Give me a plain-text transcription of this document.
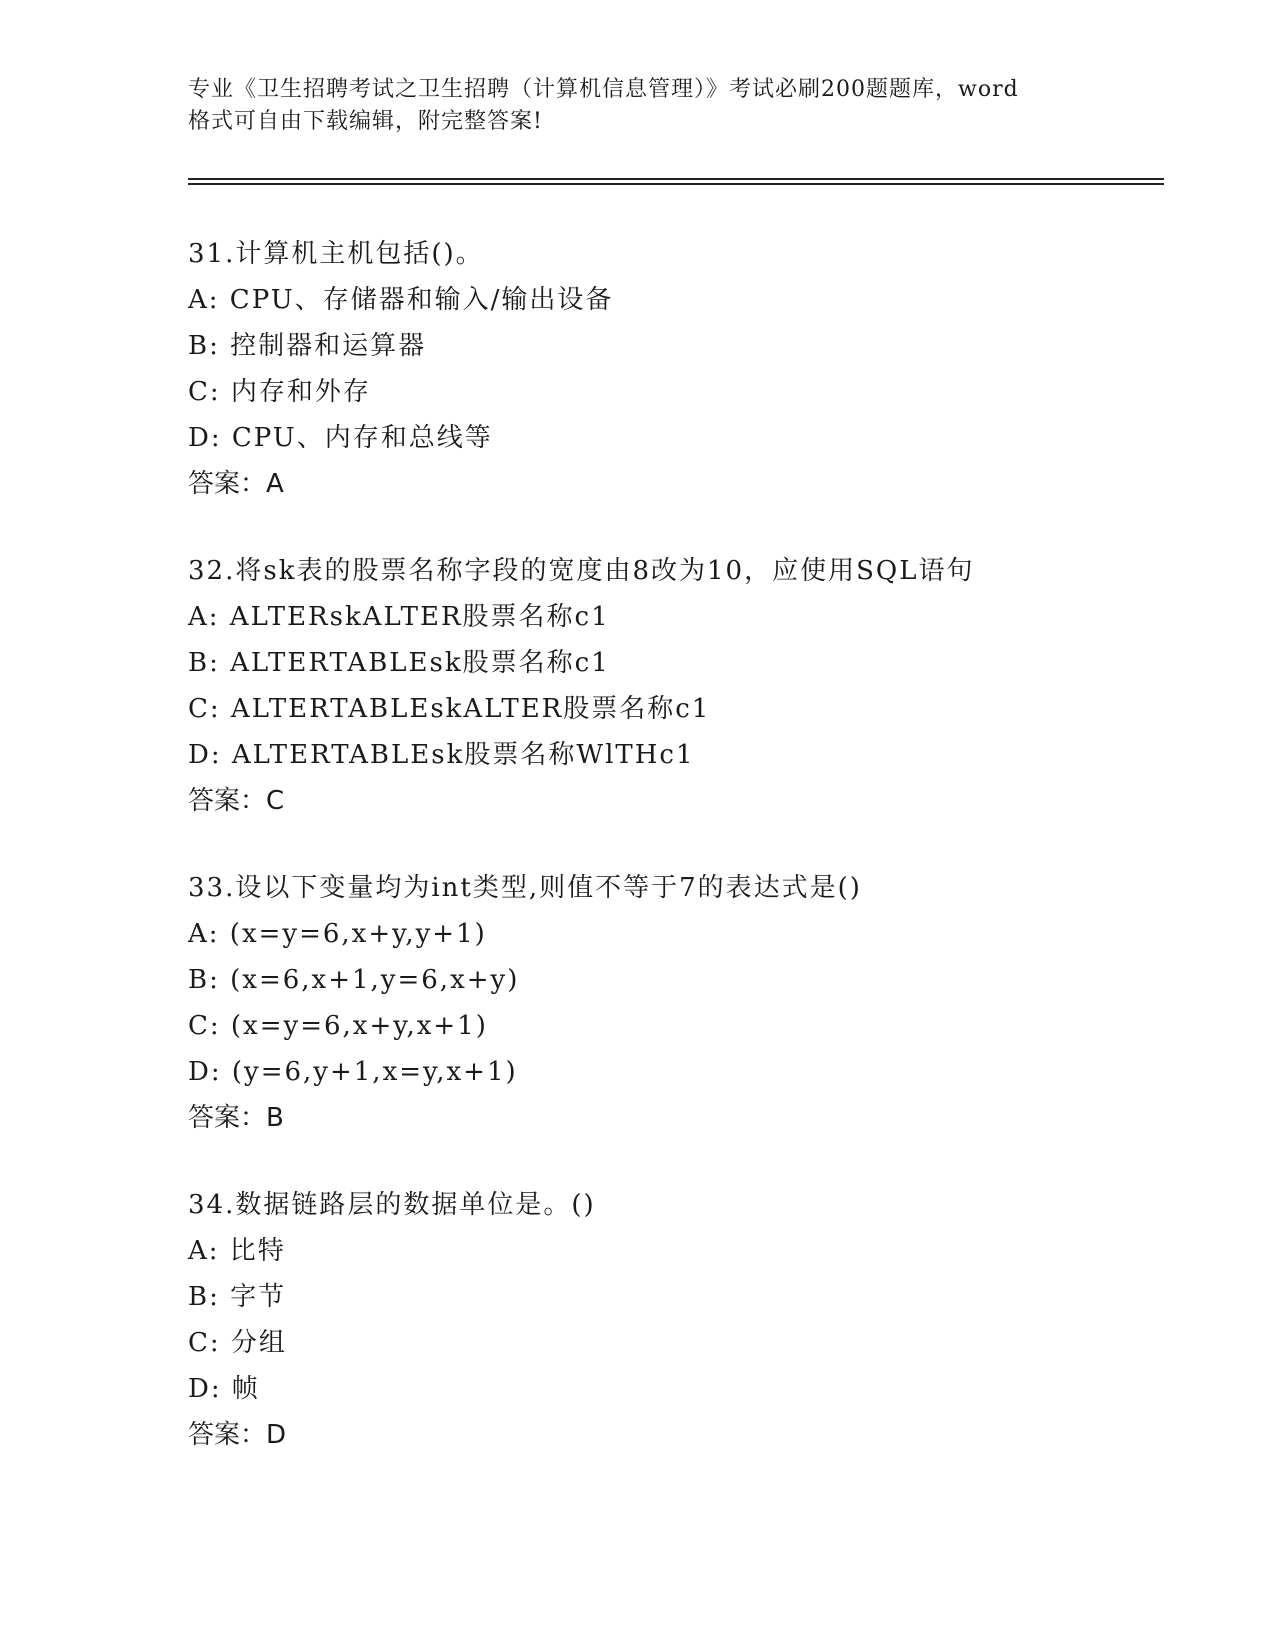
专业《卫生招聘考试之卫生招聘（计算机信息管理）》考试必刷200题题库，word
格式可自由下载编辑，附完整答案!
31.计算机主机包括()。
A: CPU、存储器和输入/输出设备
B: 控制器和运算器
C: 内存和外存
D: CPU、内存和总线等
答案：A
32.将sk表的股票名称字段的宽度由8改为10，应使用SQL语句
A: ALTERskALTER股票名称c1
B: ALTERTABLEsk股票名称c1
C: ALTERTABLEskALTER股票名称c1
D: ALTERTABLEsk股票名称WlTHc1
答案：C
33.设以下变量均为int类型,则值不等于7的表达式是()
A: (x=y=6,x+y,y+1)
B: (x=6,x+1,y=6,x+y)
C: (x=y=6,x+y,x+1)
D: (y=6,y+1,x=y,x+1)
答案：B
34.数据链路层的数据单位是。()
A: 比特
B: 字节
C: 分组
D: 帧
答案：D
